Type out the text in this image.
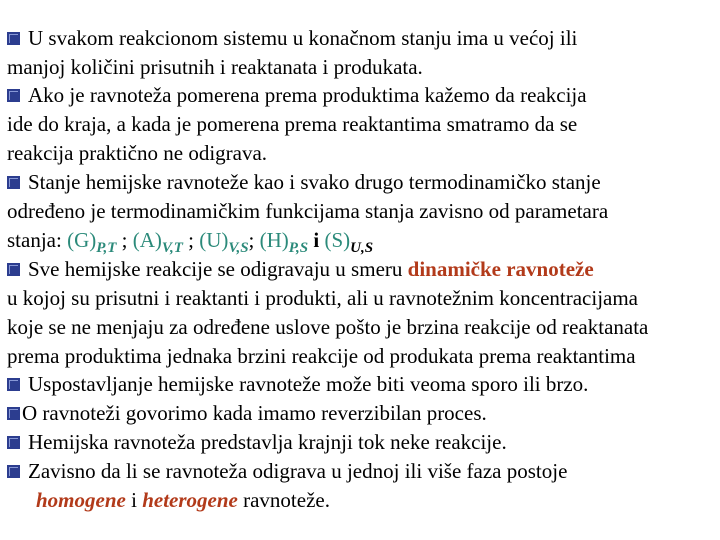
U svakom reakcionom sistemu u konačnom stanju ima u većoj ili
manjoj količini prisutnih i reaktanata i produkata.
Ako je ravnoteža pomerena prema produktima kažemo da reakcija
ide do kraja, a kada je pomerena prema reaktantima smatramo da se
reakcija praktično ne odigrava.
Stanje hemijske ravnoteže kao i svako drugo termodinamičko stanje
određeno je termodinamičkim funkcijama stanja zavisno od parametara
stanja: $(G)_{P,T}$ ; $(A)_{V,T}$ ; $(U)_{V,S}$; $(H)_{P,S}$ i $(S)_{U,S}$
Sve hemijske reakcije se odigravaju u smeru dinamičke ravnoteže
u kojoj su prisutni i reaktanti i produkti, ali u ravnotežnim koncentracijama
koje se ne menjaju za određene uslove pošto je brzina reakcije od reaktanata
prema produktima jednaka brzini reakcije od produkata prema reaktantima
Uspostavljanje hemijske ravnoteže može biti veoma sporo ili brzo.
O ravnoteži govorimo kada imamo reverzibilan proces.
Hemijska ravnoteža predstavlja krajnji tok neke reakcije.
Zavisno da li se ravnoteža odigrava u jednoj ili više faza postoje
homogene i heterogene ravnoteže.
